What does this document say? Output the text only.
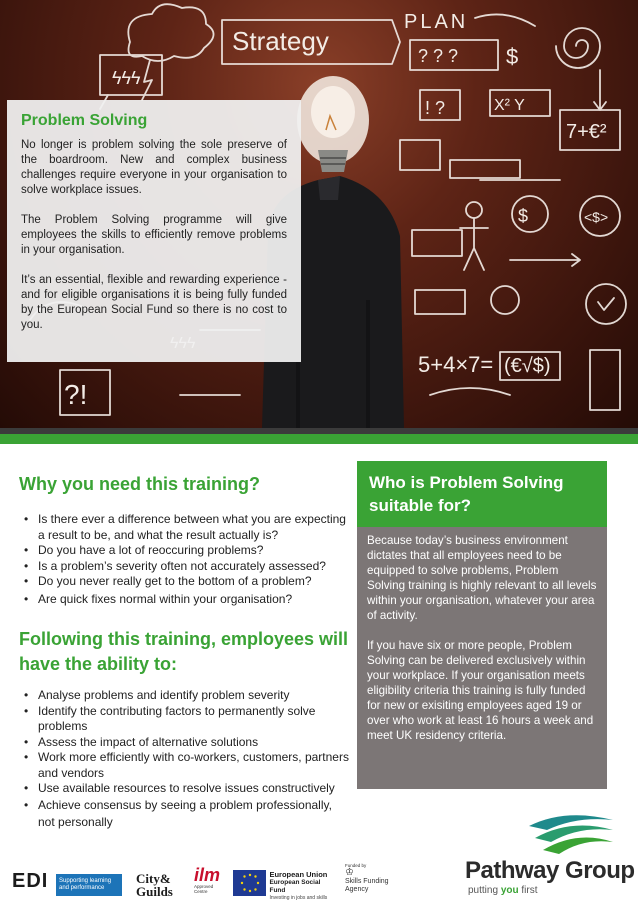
Strategy
PLAN
? ? ? $
ϟϟϟ
! ?	X² Y
7+€²
$	<$>
5+4×7= (€√$)
?!
Problem Solving

No longer is problem solving the sole preserve of the boardroom. New and complex business challenges require everyone in your organisation to solve workplace issues.

The Problem Solving programme will give employees the skills to efficiently remove problems in your organisation.

It’s an essential, flexible and rewarding experience - and for eligible organisations it is being fully funded by the European Social Fund so there is no cost to you.

Why you need this training?
• Is there ever a difference between what you are expecting a result to be, and what the result actually is?
• Do you have a lot of reoccuring problems?
• Is a problem’s severity often not accurately assessed?
• Do you never really get to the bottom of a problem?
• Are quick fixes normal within your organisation?
Following this training, employees will have the ability to:
• Analyse problems and identify problem severity
• Identify the contributing factors to permanently solve problems
• Assess the impact of alternative solutions
• Work more efficiently with co-workers, customers, partners and vendors
• Use available resources to resolve issues constructively
• Achieve consensus by seeing a problem professionally, not personally
Who is Problem Solving suitable for?

Because today’s business environment dictates that all employees need to be equipped to solve problems, Problem Solving training is highly relevant to all levels within your organisation, whatever your area of activity.

If you have six or more people, Problem Solving can be delivered exclusively within your workplace. If your organisation meets eligibility criteria this training is fully funded for new or exisiting employees aged 19 or over who work at least 16 hours a week and meet UK residency criteria.

EDI	Supporting learning and performance
City&
Guilds
ilm
Approved Centre
European Union
European Social Fund
Investing in jobs and skills
Funded by
♔
Skills Funding
Agency
Pathway Group
putting you first
